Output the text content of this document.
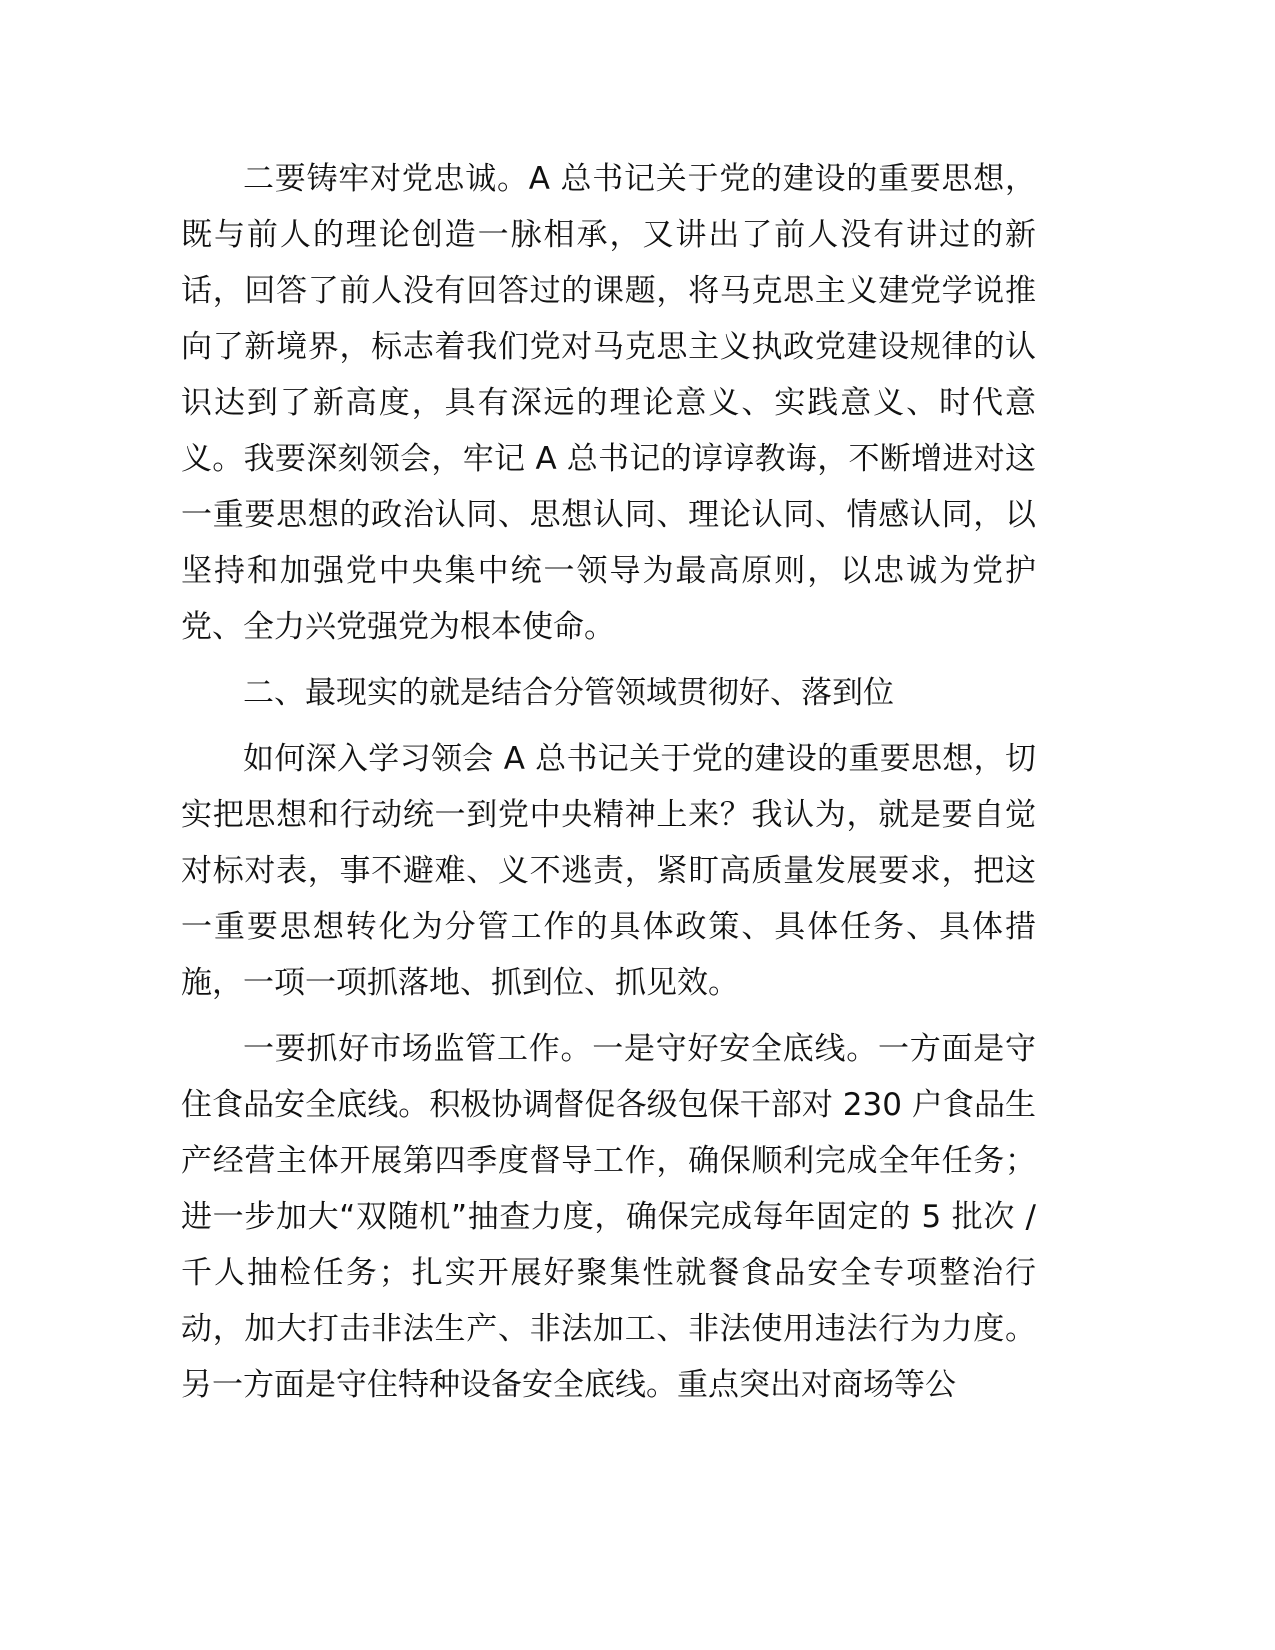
二要铸牢对党忠诚。A 总书记关于党的建设的重要思想，既与前人的理论创造一脉相承，又讲出了前人没有讲过的新话，回答了前人没有回答过的课题，将马克思主义建党学说推向了新境界，标志着我们党对马克思主义执政党建设规律的认识达到了新高度，具有深远的理论意义、实践意义、时代意义。我要深刻领会，牢记 A 总书记的谆谆教诲，不断增进对这一重要思想的政治认同、思想认同、理论认同、情感认同，以坚持和加强党中央集中统一领导为最高原则，以忠诚为党护党、全力兴党强党为根本使命。

二、最现实的就是结合分管领域贯彻好、落到位

如何深入学习领会 A 总书记关于党的建设的重要思想，切实把思想和行动统一到党中央精神上来？我认为，就是要自觉对标对表，事不避难、义不逃责，紧盯高质量发展要求，把这一重要思想转化为分管工作的具体政策、具体任务、具体措施，一项一项抓落地、抓到位、抓见效。

一要抓好市场监管工作。一是守好安全底线。一方面是守住食品安全底线。积极协调督促各级包保干部对 230 户食品生产经营主体开展第四季度督导工作，确保顺利完成全年任务；进一步加大“双随机”抽查力度，确保完成每年固定的 5 批次 / 千人抽检任务；扎实开展好聚集性就餐食品安全专项整治行动，加大打击非法生产、非法加工、非法使用违法行为力度。另一方面是守住特种设备安全底线。重点突出对商场等公
